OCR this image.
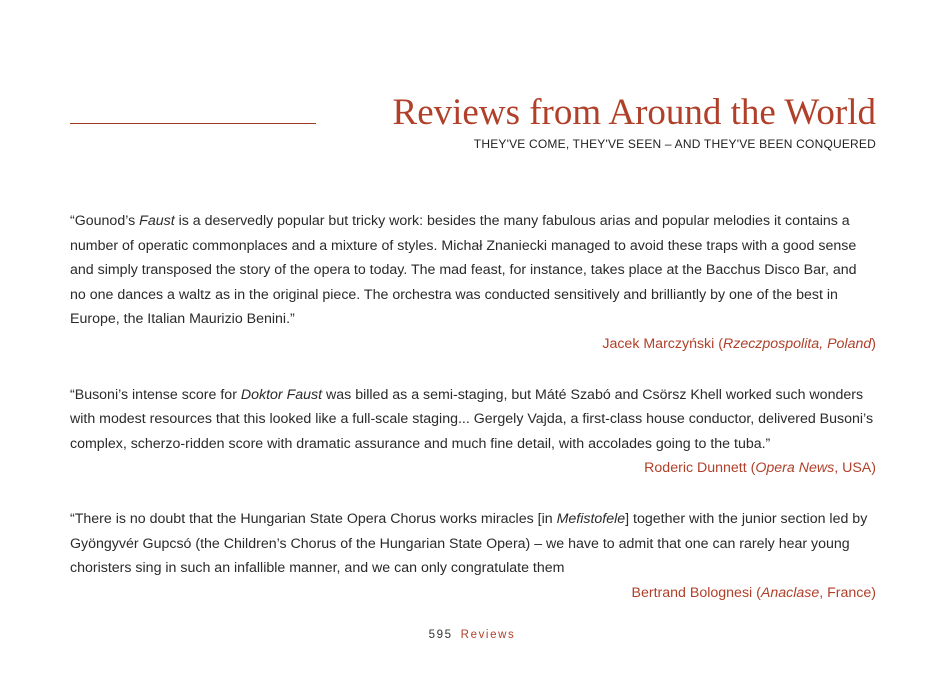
Reviews from Around the World
THEY'VE COME, THEY'VE SEEN – AND THEY'VE BEEN CONQUERED

“Gounod’s Faust is a deservedly popular but tricky work: besides the many fabulous arias and popular melodies it contains a number of operatic commonplaces and a mixture of styles. Michał Znaniecki managed to avoid these traps with a good sense and simply transposed the story of the opera to today. The mad feast, for instance, takes place at the Bacchus Disco Bar, and no one dances a waltz as in the original piece. The orchestra was conducted sensitively and brilliantly by one of the best in Europe, the Italian Maurizio Benini.”

Jacek Marczyński (Rzeczpospolita, Poland)

“Busoni’s intense score for Doktor Faust was billed as a semi-staging, but Máté Szabó and Csörsz Khell worked such wonders with modest resources that this looked like a full-scale staging... Gergely Vajda, a first-class house conductor, delivered Busoni’s complex, scherzo-ridden score with dramatic assurance and much fine detail, with accolades going to the tuba.”

Roderic Dunnett (Opera News, USA)

“There is no doubt that the Hungarian State Opera Chorus works miracles [in Mefistofele] together with the junior section led by Gyöngyvér Gupcsó (the Children’s Chorus of the Hungarian State Opera) – we have to admit that one can rarely hear young choristers sing in such an infallible manner, and we can only congratulate them

Bertrand Bolognesi (Anaclase, France)

595 Reviews
